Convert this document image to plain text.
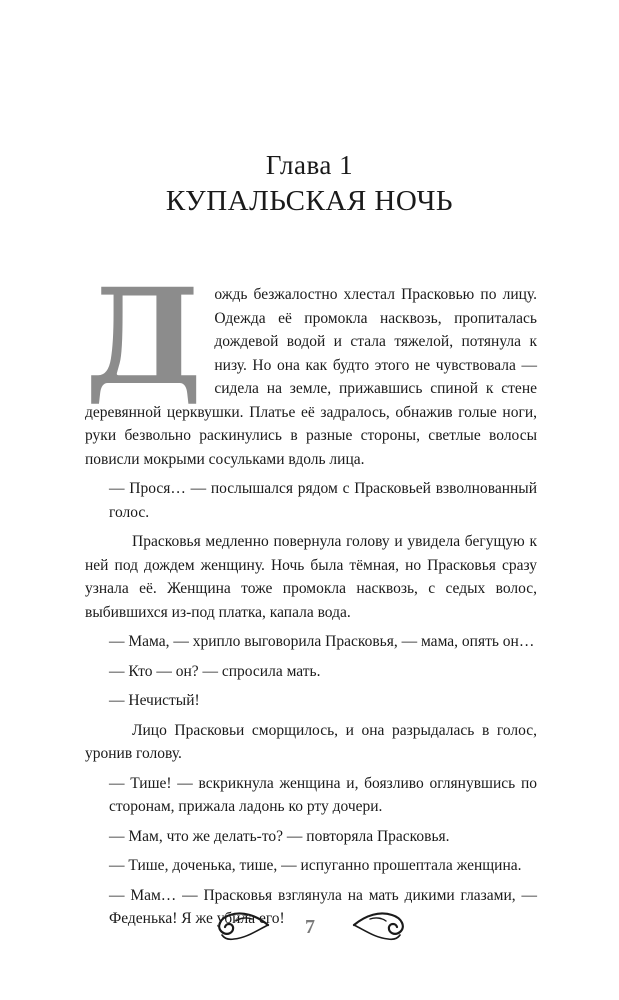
Глава 1
КУПАЛЬСКАЯ НОЧЬ

Дождь безжалостно хлестал Прасковью по лицу. Одежда её промокла насквозь, пропиталась дождевой водой и стала тяжелой, потянула к низу. Но она как будто этого не чувствовала — сидела на земле, прижавшись спиной к стене деревянной церквушки. Платье её задралось, обнажив голые ноги, руки безвольно раскинулись в разные стороны, светлые волосы повисли мокрыми сосульками вдоль лица.

— Прося… — послышался рядом с Прасковьей взволнованный голос.

Прасковья медленно повернула голову и увидела бегущую к ней под дождем женщину. Ночь была тёмная, но Прасковья сразу узнала её. Женщина тоже промокла насквозь, с седых волос, выбившихся из-под платка, капала вода.

— Мама, — хрипло выговорила Прасковья, — мама, опять он…

— Кто — он? — спросила мать.

— Нечистый!

Лицо Прасковьи сморщилось, и она разрыдалась в голос, уронив голову.

— Тише! — вскрикнула женщина и, боязливо оглянувшись по сторонам, прижала ладонь ко рту дочери.

— Мам, что же делать-то? — повторяла Прасковья.

— Тише, доченька, тише, — испуганно прошептала женщина.

— Мам… — Прасковья взглянула на мать дикими глазами, — Феденька! Я же убила его!	7
